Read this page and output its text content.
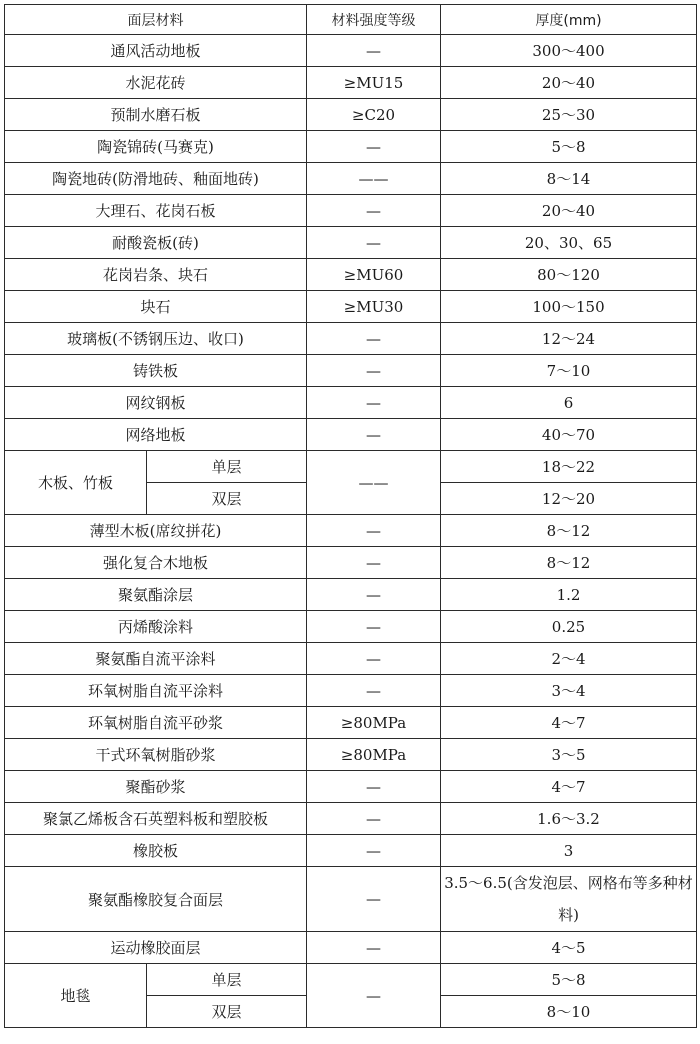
面层材料		材料强度等级	厚度(mm)
通风活动地板		—	300～400
水泥花砖		≥MU15	20～40
预制水磨石板		≥C20	25～30
陶瓷锦砖(马赛克)		—	5～8
陶瓷地砖(防滑地砖、釉面地砖)		——	8～14
大理石、花岗石板		—	20～40
耐酸瓷板(砖)		—	20、30、65
花岗岩条、块石		≥MU60	80～120
块石		≥MU30	100～150
玻璃板(不锈钢压边、收口)		—	12～24
铸铁板		—	7～10
网纹钢板		—	6
网络地板		—	40～70
木板、竹板	单层	——	18～22
	双层		12～20
薄型木板(席纹拼花)		—	8～12
强化复合木地板		—	8～12
聚氨酯涂层		—	1.2
丙烯酸涂料		—	0.25
聚氨酯自流平涂料		—	2～4
环氧树脂自流平涂料		—	3～4
环氧树脂自流平砂浆		≥80MPa	4～7
干式环氧树脂砂浆		≥80MPa	3～5
聚酯砂浆		—	4～7
聚氯乙烯板含石英塑料板和塑胶板		—	1.6～3.2
橡胶板		—	3
聚氨酯橡胶复合面层		—	3.5～6.5(含发泡层、网格布等多种材料)
运动橡胶面层		—	4～5
地毯	单层	—	5～8
	双层		8～10
